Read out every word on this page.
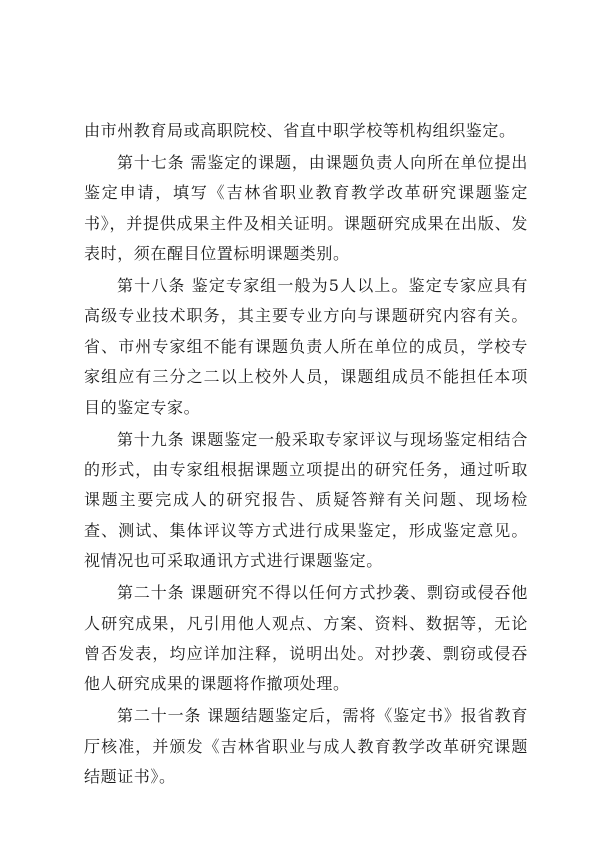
由市州教育局或高职院校、省直中职学校等机构组织鉴定。

第十七条 需鉴定的课题，由课题负责人向所在单位提出鉴定申请，填写《吉林省职业教育教学改革研究课题鉴定书》，并提供成果主件及相关证明。课题研究成果在出版、发表时，须在醒目位置标明课题类别。

第十八条 鉴定专家组一般为5人以上。鉴定专家应具有高级专业技术职务，其主要专业方向与课题研究内容有关。省、市州专家组不能有课题负责人所在单位的成员，学校专家组应有三分之二以上校外人员，课题组成员不能担任本项目的鉴定专家。

第十九条 课题鉴定一般采取专家评议与现场鉴定相结合的形式，由专家组根据课题立项提出的研究任务，通过听取课题主要完成人的研究报告、质疑答辩有关问题、现场检查、测试、集体评议等方式进行成果鉴定，形成鉴定意见。视情况也可采取通讯方式进行课题鉴定。

第二十条 课题研究不得以任何方式抄袭、剽窃或侵吞他人研究成果，凡引用他人观点、方案、资料、数据等，无论曾否发表，均应详加注释，说明出处。对抄袭、剽窃或侵吞他人研究成果的课题将作撤项处理。

第二十一条 课题结题鉴定后，需将《鉴定书》报省教育厅核准，并颁发《吉林省职业与成人教育教学改革研究课题结题证书》。
